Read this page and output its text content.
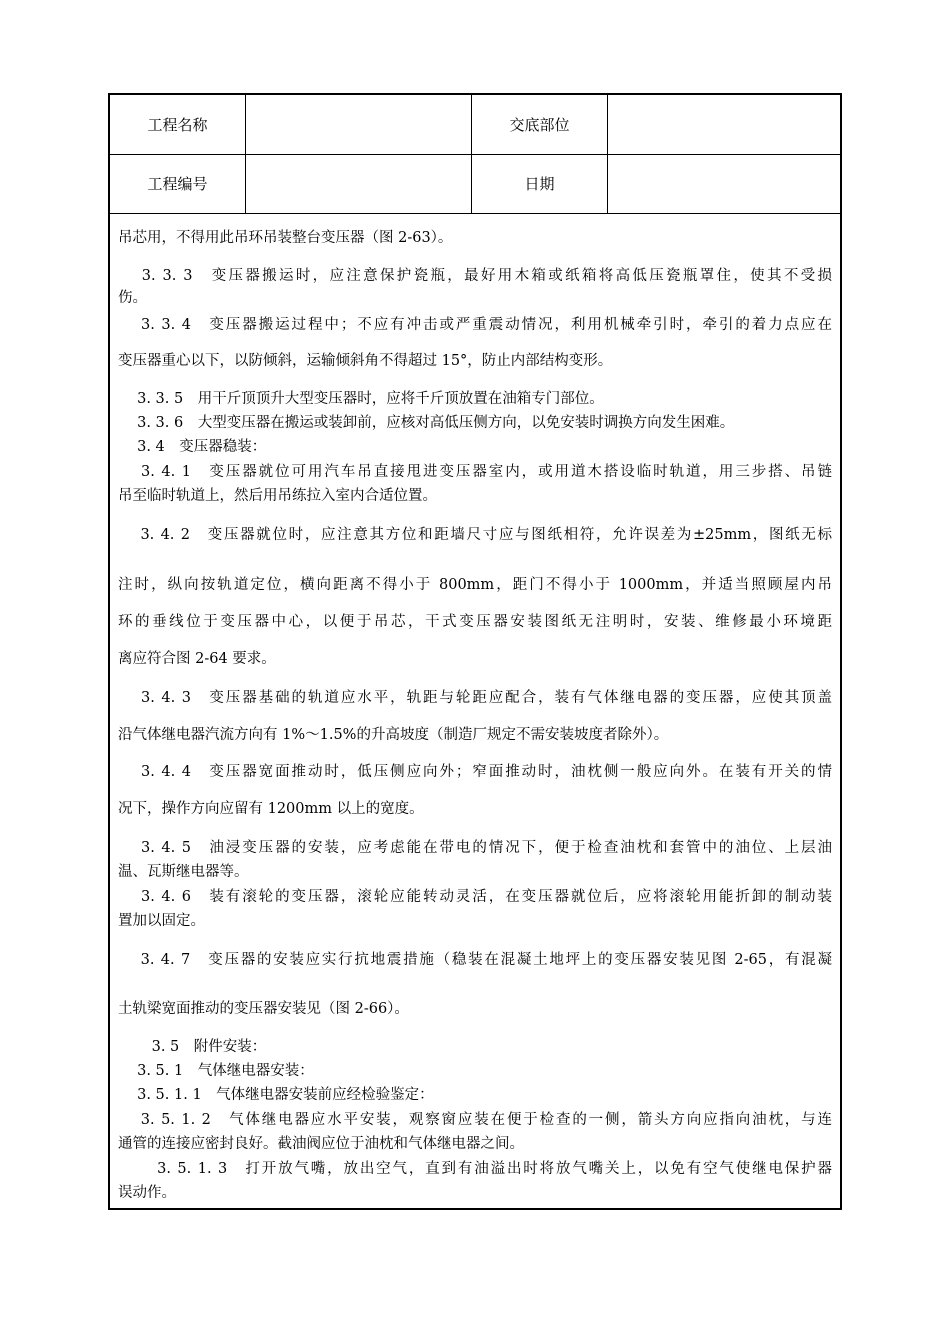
工程名称	交底部位
工程编号	日期
吊芯用，不得用此吊环吊装整台变压器（图 2-63）。
　 3. 3. 3　变压器搬运时，应注意保护瓷瓶，最好用木箱或纸箱将高低压瓷瓶罩住，使其不受损
伤。
　 3. 3. 4　变压器搬运过程中；不应有冲击或严重震动情况，利用机械牵引时，牵引的着力点应在
变压器重心以下，以防倾斜，运输倾斜角不得超过 15°，防止内部结构变形。
　 3. 3. 5　用干斤顶顶升大型变压器时，应将千斤顶放置在油箱专门部位。
　 3. 3. 6　大型变压器在搬运或装卸前，应核对高低压侧方向，以免安装时调换方向发生困难。
　 3. 4　变压器稳装：
　 3. 4. 1　变压器就位可用汽车吊直接甩进变压器室内，或用道木搭设临时轨道，用三步搭、吊链
吊至临时轨道上，然后用吊练拉入室内合适位置。
　 3. 4. 2　变压器就位时，应注意其方位和距墙尺寸应与图纸相符，允许误差为±25mm，图纸无标
注时，纵向按轨道定位，横向距离不得小于 800mm，距门不得小于 1000mm，并适当照顾屋内吊
环的垂线位于变压器中心，以便于吊芯，干式变压器安装图纸无注明时，安装、维修最小环境距
离应符合图 2-64 要求。
　 3. 4. 3　变压器基础的轨道应水平，轨距与轮距应配合，装有气体继电器的变压器，应使其顶盖
沿气体继电器汽流方向有 1%～1.5%的升高坡度（制造厂规定不需安装坡度者除外）。
　 3. 4. 4　变压器宽面推动时，低压侧应向外；窄面推动时，油枕侧一般应向外。在装有开关的情
况下，操作方向应留有 1200mm 以上的宽度。
　 3. 4. 5　油浸变压器的安装，应考虑能在带电的情况下，便于检查油枕和套管中的油位、上层油
温、瓦斯继电器等。
　 3. 4. 6　装有滚轮的变压器，滚轮应能转动灵活，在变压器就位后，应将滚轮用能折卸的制动装
置加以固定。
　 3. 4. 7　变压器的安装应实行抗地震措施（稳装在混凝土地坪上的变压器安装见图 2-65，有混凝
土轨梁宽面推动的变压器安装见（图 2-66）。
　　 3. 5　附件安装：
　 3. 5. 1　气体继电器安装：
　 3. 5. 1. 1　气体继电器安装前应经检验鉴定：
　 3. 5. 1. 2　气体继电器应水平安装，观察窗应装在便于检查的一侧，箭头方向应指向油枕，与连
通管的连接应密封良好。截油阀应位于油枕和气体继电器之间。
　　 3. 5. 1. 3　打开放气嘴，放出空气，直到有油溢出时将放气嘴关上，以免有空气使继电保护器
误动作。
